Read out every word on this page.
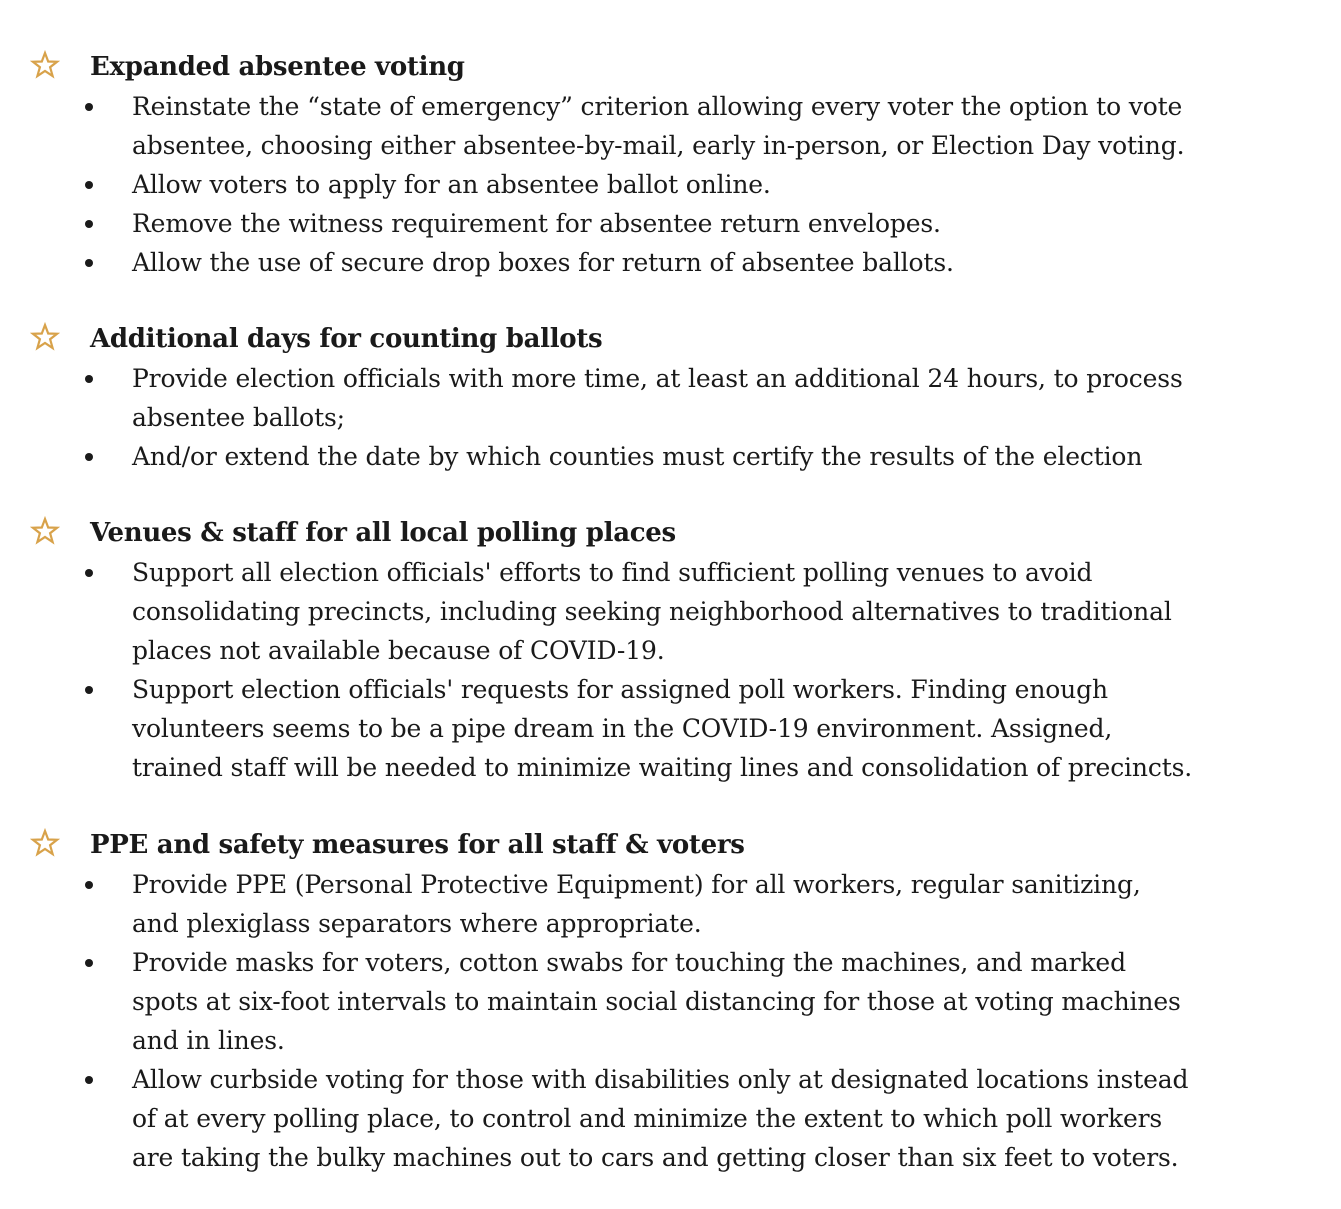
Expanded absentee voting
Reinstate the “state of emergency” criterion allowing every voter the option to vote
absentee, choosing either absentee-by-mail, early in-person, or Election Day voting.
Allow voters to apply for an absentee ballot online.
Remove the witness requirement for absentee return envelopes.
Allow the use of secure drop boxes for return of absentee ballots.
Additional days for counting ballots
Provide election officials with more time, at least an additional 24 hours, to process
absentee ballots;
And/or extend the date by which counties must certify the results of the election
Venues & staff for all local polling places
Support all election officials' efforts to find sufficient polling venues to avoid
consolidating precincts, including seeking neighborhood alternatives to traditional
places not available because of COVID-19.
Support election officials' requests for assigned poll workers. Finding enough
volunteers seems to be a pipe dream in the COVID-19 environment. Assigned,
trained staff will be needed to minimize waiting lines and consolidation of precincts.
PPE and safety measures for all staff & voters
Provide PPE (Personal Protective Equipment) for all workers, regular sanitizing,
and plexiglass separators where appropriate.
Provide masks for voters, cotton swabs for touching the machines, and marked
spots at six-foot intervals to maintain social distancing for those at voting machines
and in lines.
Allow curbside voting for those with disabilities only at designated locations instead
of at every polling place, to control and minimize the extent to which poll workers
are taking the bulky machines out to cars and getting closer than six feet to voters.
